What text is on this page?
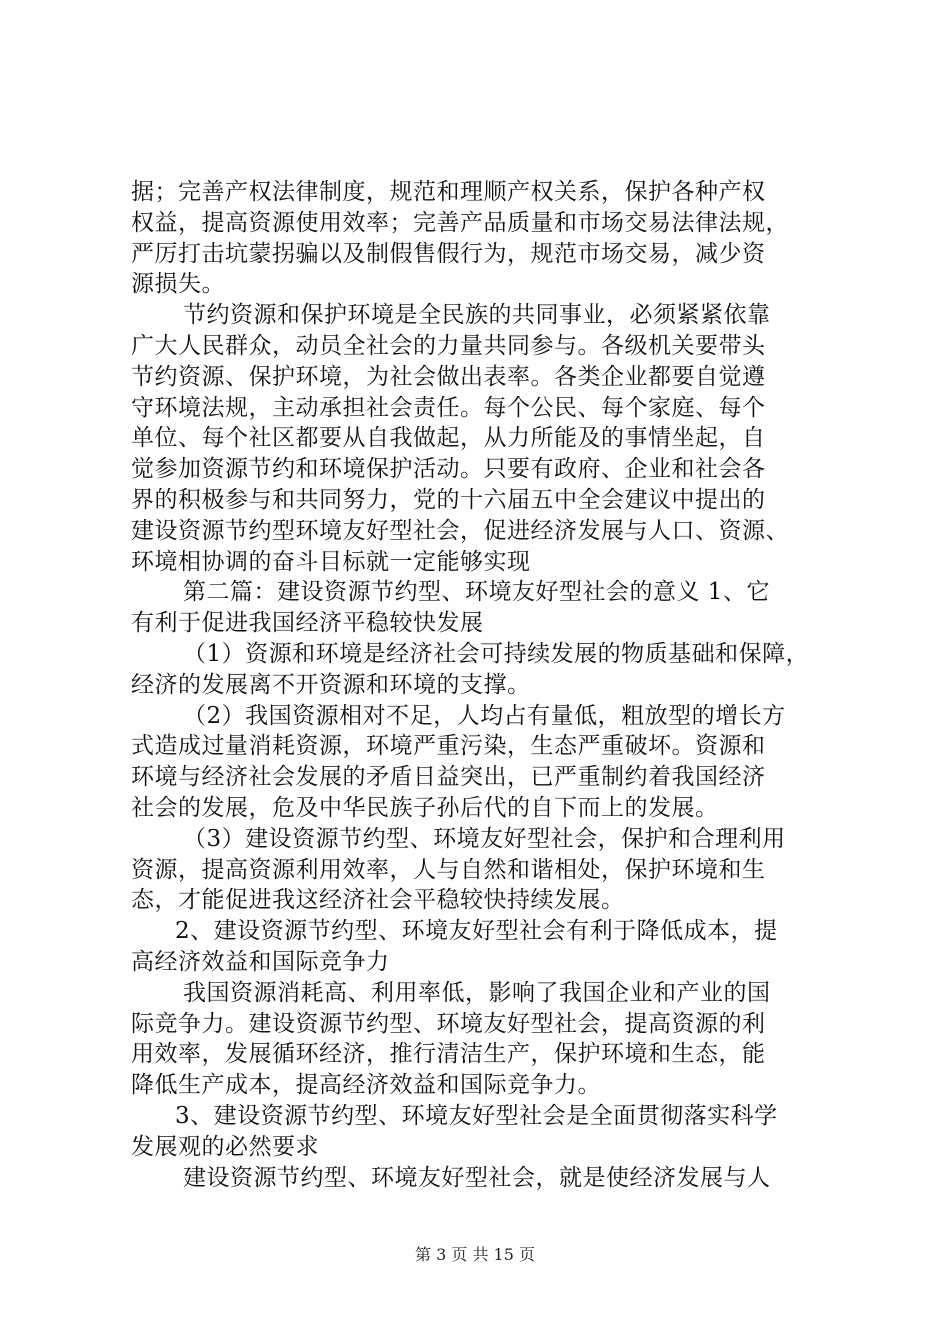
据；完善产权法律制度，规范和理顺产权关系，保护各种产权
权益，提高资源使用效率；完善产品质量和市场交易法律法规，
严厉打击坑蒙拐骗以及制假售假行为，规范市场交易，减少资
源损失。
节约资源和保护环境是全民族的共同事业，必须紧紧依靠
广大人民群众，动员全社会的力量共同参与。各级机关要带头
节约资源、保护环境，为社会做出表率。各类企业都要自觉遵
守环境法规，主动承担社会责任。每个公民、每个家庭、每个
单位、每个社区都要从自我做起，从力所能及的事情坐起，自
觉参加资源节约和环境保护活动。只要有政府、企业和社会各
界的积极参与和共同努力，党的十六届五中全会建议中提出的
建设资源节约型环境友好型社会，促进经济发展与人口、资源、
环境相协调的奋斗目标就一定能够实现
第二篇：建设资源节约型、环境友好型社会的意义 1、它
有利于促进我国经济平稳较快发展
（1）资源和环境是经济社会可持续发展的物质基础和保障，
经济的发展离不开资源和环境的支撑。
（2）我国资源相对不足，人均占有量低，粗放型的增长方
式造成过量消耗资源，环境严重污染，生态严重破坏。资源和
环境与经济社会发展的矛盾日益突出，已严重制约着我国经济
社会的发展，危及中华民族子孙后代的自下而上的发展。
（3）建设资源节约型、环境友好型社会，保护和合理利用
资源，提高资源利用效率，人与自然和谐相处，保护环境和生
态，才能促进我这经济社会平稳较快持续发展。
2、建设资源节约型、环境友好型社会有利于降低成本，提
高经济效益和国际竞争力
我国资源消耗高、利用率低，影响了我国企业和产业的国
际竞争力。建设资源节约型、环境友好型社会，提高资源的利
用效率，发展循环经济，推行清洁生产，保护环境和生态，能
降低生产成本，提高经济效益和国际竞争力。
3、建设资源节约型、环境友好型社会是全面贯彻落实科学
发展观的必然要求
建设资源节约型、环境友好型社会，就是使经济发展与人
第 3 页 共 15 页
